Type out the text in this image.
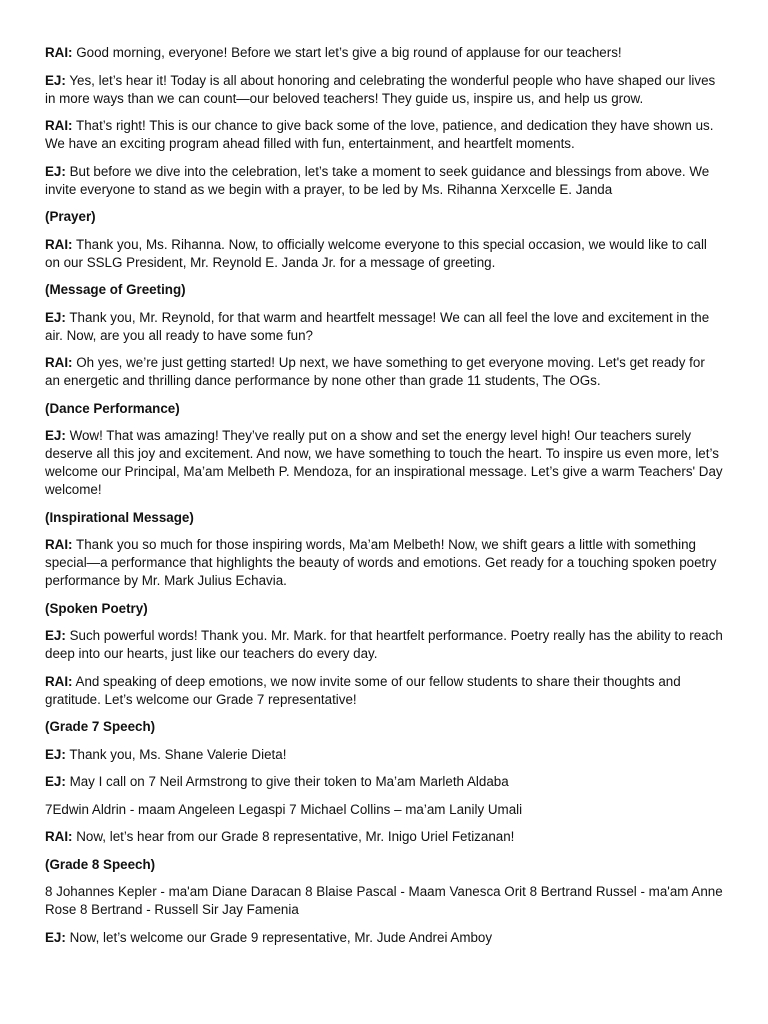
RAI: Good morning, everyone! Before we start let’s give a big round of applause for our teachers!

EJ: Yes, let’s hear it! Today is all about honoring and celebrating the wonderful people who have shaped our lives in more ways than we can count—our beloved teachers! They guide us, inspire us, and help us grow.

RAI: That’s right! This is our chance to give back some of the love, patience, and dedication they have shown us. We have an exciting program ahead filled with fun, entertainment, and heartfelt moments.

EJ: But before we dive into the celebration, let’s take a moment to seek guidance and blessings from above. We invite everyone to stand as we begin with a prayer, to be led by Ms. Rihanna Xerxcelle E. Janda

(Prayer)

RAI: Thank you, Ms. Rihanna. Now, to officially welcome everyone to this special occasion, we would like to call on our SSLG President, Mr. Reynold E. Janda Jr. for a message of greeting.

(Message of Greeting)

EJ: Thank you, Mr. Reynold, for that warm and heartfelt message! We can all feel the love and excitement in the air. Now, are you all ready to have some fun?

RAI: Oh yes, we’re just getting started! Up next, we have something to get everyone moving. Let's get ready for an energetic and thrilling dance performance by none other than grade 11 students, The OGs.

(Dance Performance)

EJ: Wow! That was amazing! They’ve really put on a show and set the energy level high! Our teachers surely deserve all this joy and excitement. And now, we have something to touch the heart. To inspire us even more, let’s welcome our Principal, Ma’am Melbeth P. Mendoza, for an inspirational message. Let’s give a warm Teachers' Day welcome!

(Inspirational Message)

RAI: Thank you so much for those inspiring words, Ma’am Melbeth! Now, we shift gears a little with something special—a performance that highlights the beauty of words and emotions. Get ready for a touching spoken poetry performance by Mr. Mark Julius Echavia.

(Spoken Poetry)

EJ: Such powerful words! Thank you. Mr. Mark. for that heartfelt performance. Poetry really has the ability to reach deep into our hearts, just like our teachers do every day.

RAI: And speaking of deep emotions, we now invite some of our fellow students to share their thoughts and gratitude. Let’s welcome our Grade 7 representative!

(Grade 7 Speech)

EJ: Thank you, Ms. Shane Valerie Dieta!

EJ: May I call on 7 Neil Armstrong to give their token to Ma’am Marleth Aldaba

7Edwin Aldrin - maam Angeleen Legaspi 7 Michael Collins – ma’am Lanily Umali

RAI: Now, let’s hear from our Grade 8 representative, Mr. Inigo Uriel Fetizanan!

(Grade 8 Speech)

8 Johannes Kepler - ma'am Diane Daracan 8 Blaise Pascal - Maam Vanesca Orit 8 Bertrand Russel - ma'am Anne Rose 8 Bertrand - Russell Sir Jay Famenia

EJ: Now, let’s welcome our Grade 9 representative, Mr. Jude Andrei Amboy
